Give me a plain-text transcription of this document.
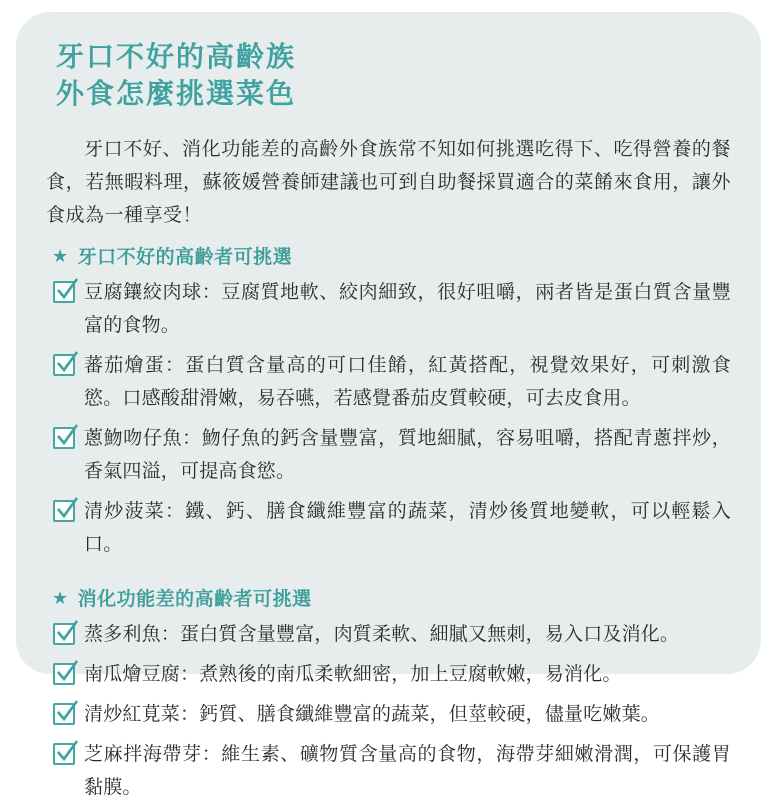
牙口不好的高齡族
外食怎麼挑選菜色

牙口不好、消化功能差的高齡外食族常不知如何挑選吃得下、吃得營養的餐食，若無暇料理，蘇筱媛營養師建議也可到自助餐採買適合的菜餚來食用，讓外食成為一種享受！

★ 牙口不好的高齡者可挑選
豆腐鑲絞肉球：豆腐質地軟、絞肉細致，很好咀嚼，兩者皆是蛋白質含量豐富的食物。
蕃茄燴蛋：蛋白質含量高的可口佳餚，紅黃搭配，視覺效果好，可刺激食慾。口感酸甜滑嫩，易吞嚥，若感覺番茄皮質較硬，可去皮食用。
蔥魩吻仔魚：魩仔魚的鈣含量豐富，質地細膩，容易咀嚼，搭配青蔥拌炒，香氣四溢，可提高食慾。
清炒菠菜：鐵、鈣、膳食纖維豐富的蔬菜，清炒後質地變軟，可以輕鬆入口。
★ 消化功能差的高齡者可挑選
蒸多利魚：蛋白質含量豐富，肉質柔軟、細膩又無刺，易入口及消化。
南瓜燴豆腐：煮熟後的南瓜柔軟細密，加上豆腐軟嫩，易消化。
清炒紅莧菜：鈣質、膳食纖維豐富的蔬菜，但莖較硬，儘量吃嫩葉。
芝麻拌海帶芽：維生素、礦物質含量高的食物，海帶芽細嫩滑潤，可保護胃黏膜。
